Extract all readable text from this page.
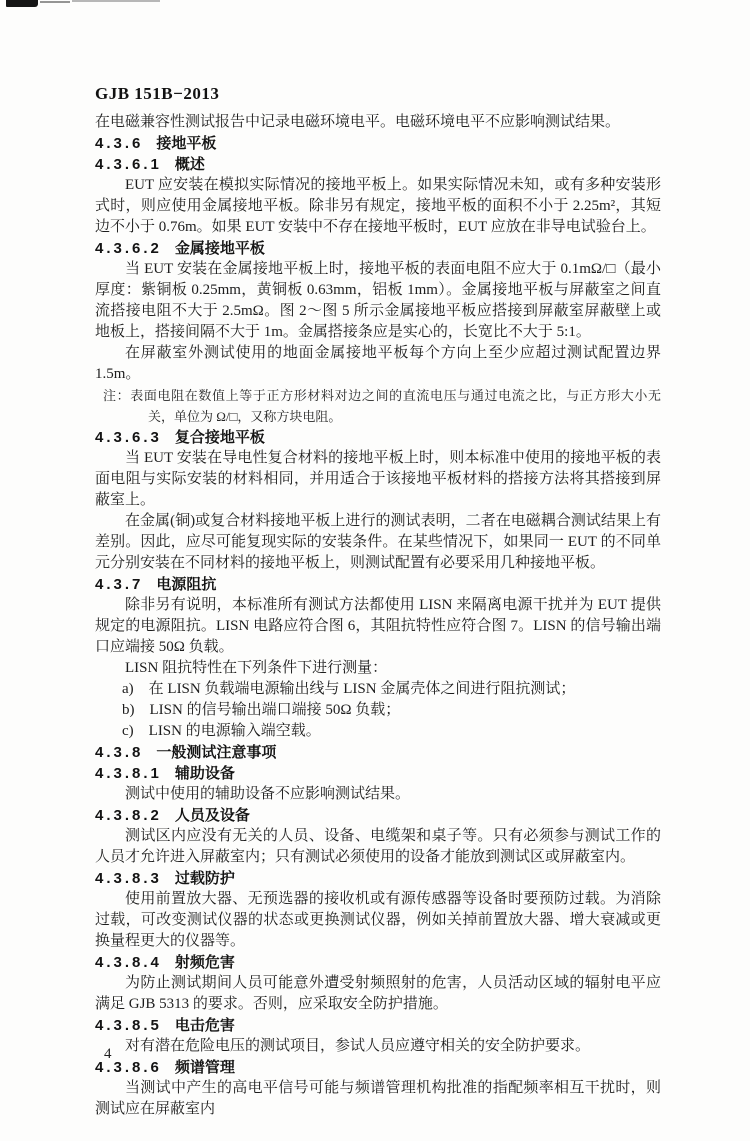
GJB 151B−2013

在电磁兼容性测试报告中记录电磁环境电平。电磁环境电平不应影响测试结果。

4.3.6 接地平板

4.3.6.1 概述

EUT 应安装在模拟实际情况的接地平板上。如果实际情况未知，或有多种安装形式时，则应使用金属接地平板。除非另有规定，接地平板的面积不小于 2.25m²，其短边不小于 0.76m。如果 EUT 安装中不存在接地平板时，EUT 应放在非导电试验台上。

4.3.6.2 金属接地平板

当 EUT 安装在金属接地平板上时，接地平板的表面电阻不应大于 0.1mΩ/□（最小厚度：紫铜板 0.25mm，黄铜板 0.63mm，铝板 1mm）。金属接地平板与屏蔽室之间直流搭接电阻不大于 2.5mΩ。图 2～图 5 所示金属接地平板应搭接到屏蔽室屏蔽壁上或地板上，搭接间隔不大于 1m。金属搭接条应是实心的，长宽比不大于 5:1。

在屏蔽室外测试使用的地面金属接地平板每个方向上至少应超过测试配置边界 1.5m。

注：表面电阻在数值上等于正方形材料对边之间的直流电压与通过电流之比，与正方形大小无关，单位为 Ω/□，又称方块电阻。

4.3.6.3 复合接地平板

当 EUT 安装在导电性复合材料的接地平板上时，则本标准中使用的接地平板的表面电阻与实际安装的材料相同，并用适合于该接地平板材料的搭接方法将其搭接到屏蔽室上。

在金属(铜)或复合材料接地平板上进行的测试表明，二者在电磁耦合测试结果上有差别。因此，应尽可能复现实际的安装条件。在某些情况下，如果同一 EUT 的不同单元分别安装在不同材料的接地平板上，则测试配置有必要采用几种接地平板。

4.3.7 电源阻抗

除非另有说明，本标准所有测试方法都使用 LISN 来隔离电源干扰并为 EUT 提供规定的电源阻抗。LISN 电路应符合图 6，其阻抗特性应符合图 7。LISN 的信号输出端口应端接 50Ω 负载。

LISN 阻抗特性在下列条件下进行测量：

a)　在 LISN 负载端电源输出线与 LISN 金属壳体之间进行阻抗测试；

b)　LISN 的信号输出端口端接 50Ω 负载；

c)　LISN 的电源输入端空载。

4.3.8 一般测试注意事项

4.3.8.1 辅助设备

测试中使用的辅助设备不应影响测试结果。

4.3.8.2 人员及设备

测试区内应没有无关的人员、设备、电缆架和桌子等。只有必须参与测试工作的人员才允许进入屏蔽室内；只有测试必须使用的设备才能放到测试区或屏蔽室内。

4.3.8.3 过载防护

使用前置放大器、无预选器的接收机或有源传感器等设备时要预防过载。为消除过载，可改变测试仪器的状态或更换测试仪器，例如关掉前置放大器、增大衰减或更换量程更大的仪器等。

4.3.8.4 射频危害

为防止测试期间人员可能意外遭受射频照射的危害，人员活动区域的辐射电平应满足 GJB 5313 的要求。否则，应采取安全防护措施。

4.3.8.5 电击危害

对有潜在危险电压的测试项目，参试人员应遵守相关的安全防护要求。

4.3.8.6 频谱管理

当测试中产生的高电平信号可能与频谱管理机构批准的指配频率相互干扰时，则测试应在屏蔽室内

4
